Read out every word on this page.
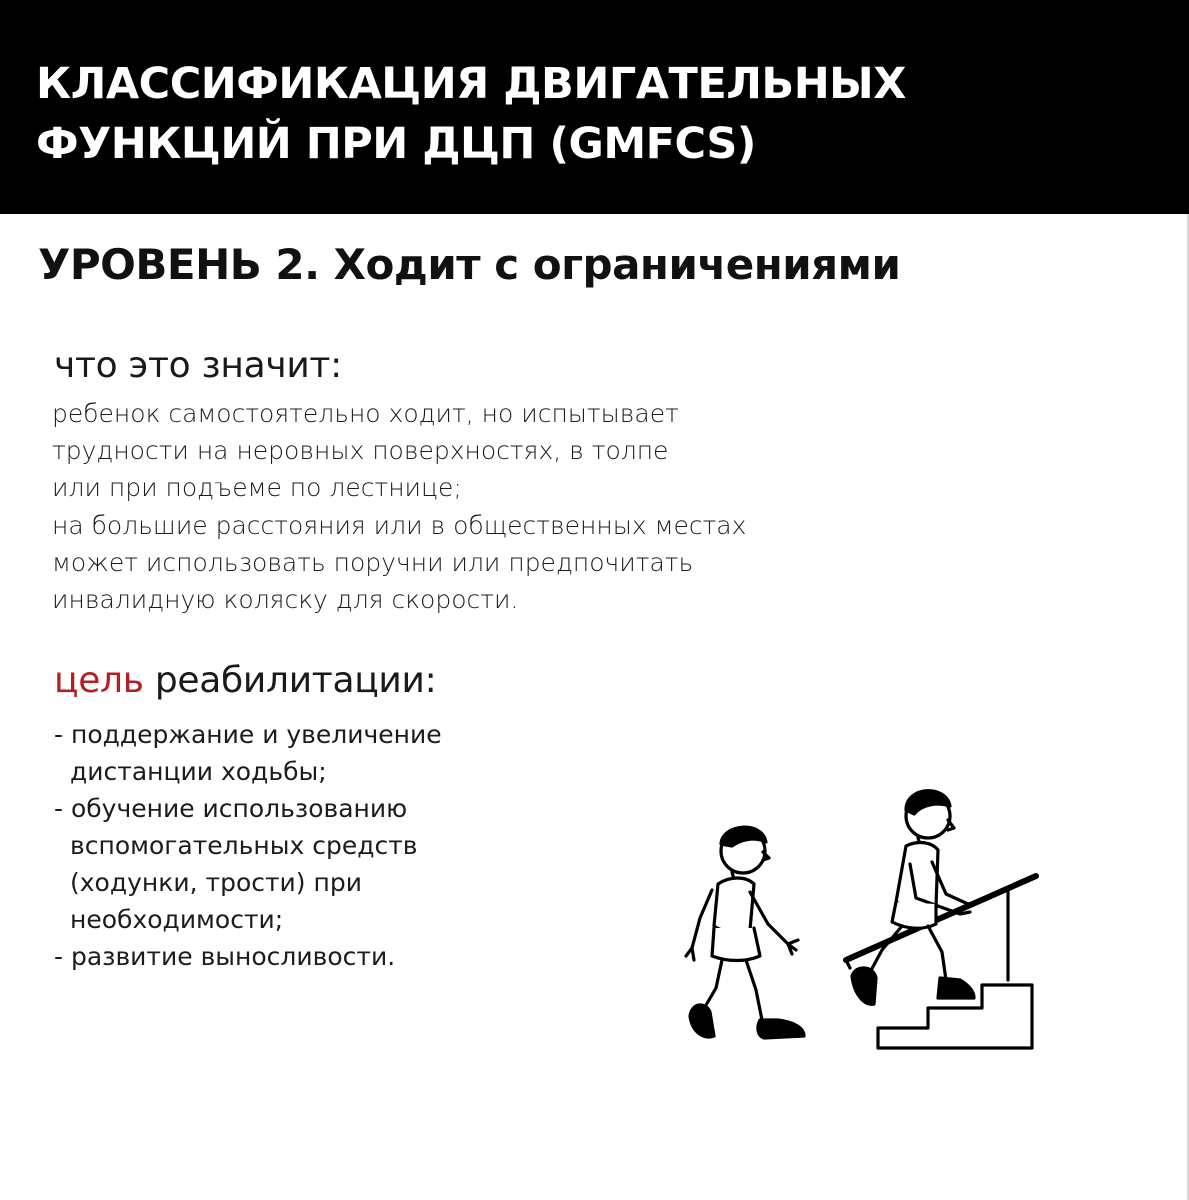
КЛАССИФИКАЦИЯ ДВИГАТЕЛЬНЫХ
ФУНКЦИЙ ПРИ ДЦП (GMFCS)
УРОВЕНЬ 2. Ходит с ограничениями
что это значит:

ребенок самостоятельно ходит, но испытывает
трудности на неровных поверхностях, в толпе
или при подъеме по лестнице;
на большие расстояния или в общественных местах
может использовать поручни или предпочитать
инвалидную коляску для скорости.

цель реабилитации:
- поддержание и увеличение
дистанции ходьбы;
- обучение использованию
вспомогательных средств
(ходунки, трости) при
необходимости;
- развитие выносливости.
